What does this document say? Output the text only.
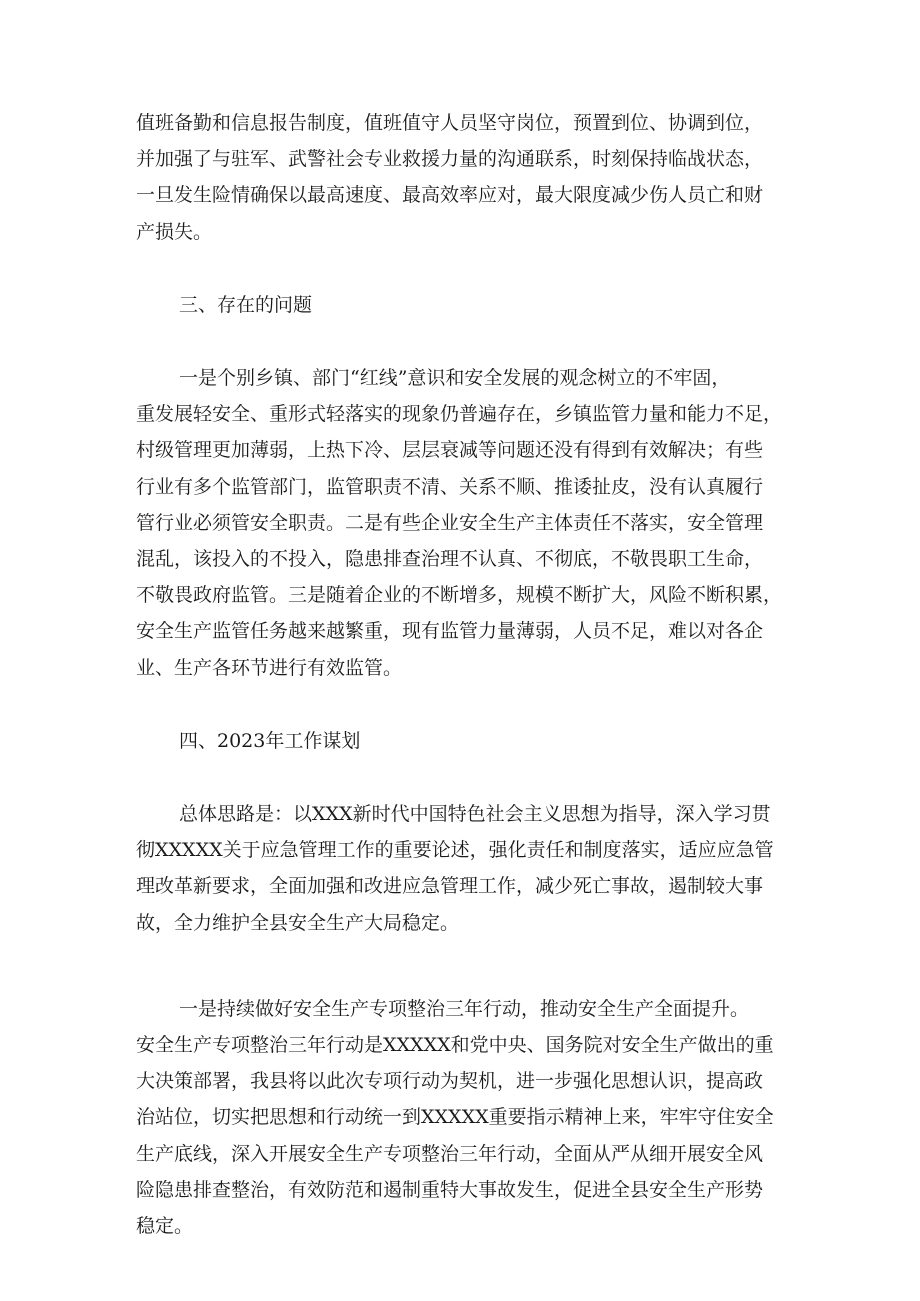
值班备勤和信息报告制度，值班值守人员坚守岗位，预置到位、协调到位，
并加强了与驻军、武警社会专业救援力量的沟通联系，时刻保持临战状态，
一旦发生险情确保以最高速度、最高效率应对，最大限度减少伤人员亡和财
产损失。

三、存在的问题

一是个别乡镇、部门“红线”意识和安全发展的观念树立的不牢固，
重发展轻安全、重形式轻落实的现象仍普遍存在，乡镇监管力量和能力不足，
村级管理更加薄弱，上热下冷、层层衰减等问题还没有得到有效解决；有些
行业有多个监管部门，监管职责不清、关系不顺、推诿扯皮，没有认真履行
管行业必须管安全职责。二是有些企业安全生产主体责任不落实，安全管理
混乱，该投入的不投入，隐患排查治理不认真、不彻底，不敬畏职工生命，
不敬畏政府监管。三是随着企业的不断增多，规模不断扩大，风险不断积累，
安全生产监管任务越来越繁重，现有监管力量薄弱，人员不足，难以对各企
业、生产各环节进行有效监管。

四、2023年工作谋划

总体思路是：以XXX新时代中国特色社会主义思想为指导，深入学习贯
彻XXXXX关于应急管理工作的重要论述，强化责任和制度落实，适应应急管
理改革新要求，全面加强和改进应急管理工作，减少死亡事故，遏制较大事
故，全力维护全县安全生产大局稳定。

一是持续做好安全生产专项整治三年行动，推动安全生产全面提升。
安全生产专项整治三年行动是XXXXX和党中央、国务院对安全生产做出的重
大决策部署，我县将以此次专项行动为契机，进一步强化思想认识，提高政
治站位，切实把思想和行动统一到XXXXX重要指示精神上来，牢牢守住安全
生产底线，深入开展安全生产专项整治三年行动，全面从严从细开展安全风
险隐患排查整治，有效防范和遏制重特大事故发生，促进全县安全生产形势
稳定。
